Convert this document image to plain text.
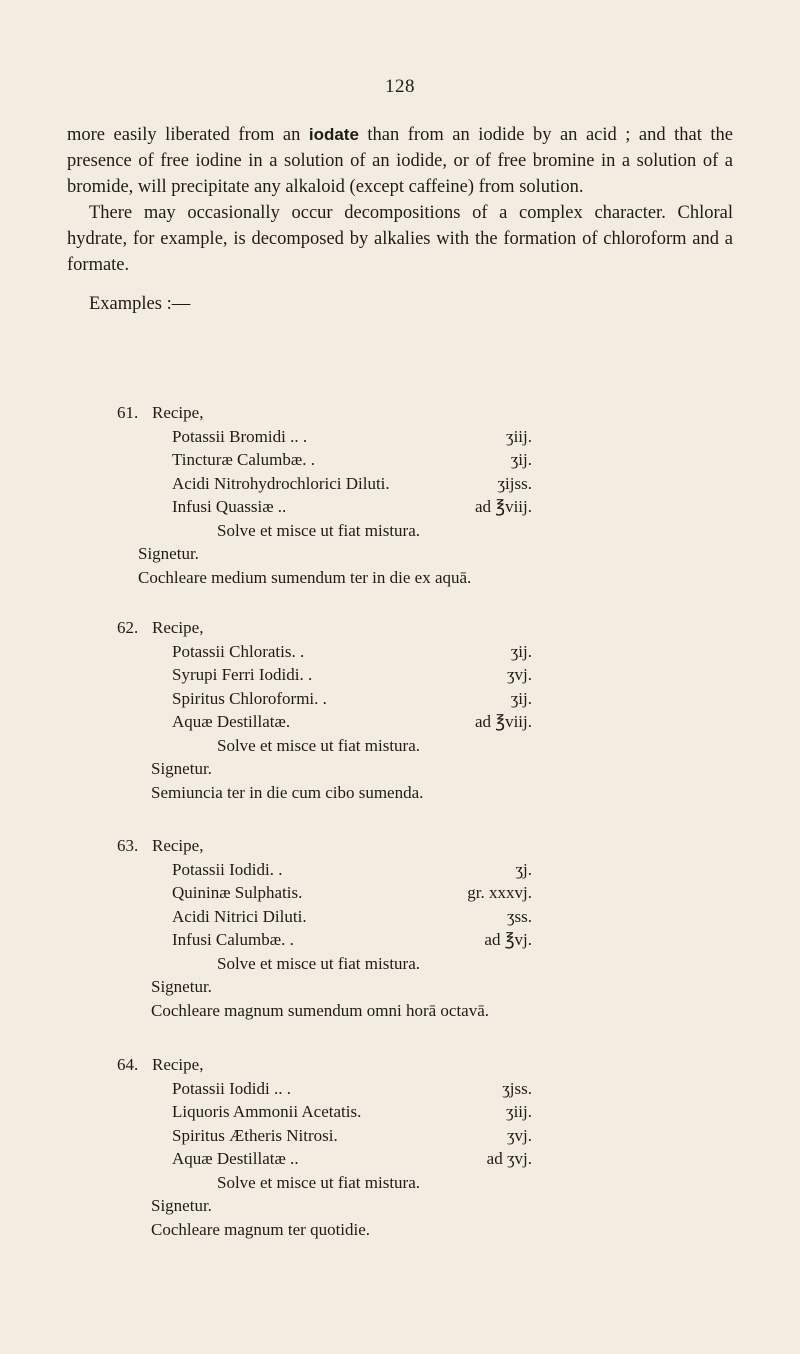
128

more easily liberated from an iodate than from an iodide by an acid ; and that the presence of free iodine in a solution of an iodide, or of free bromine in a solution of a bromide, will precipitate any alkaloid (except caffeine) from solution.

There may occasionally occur decompositions of a complex character. Chloral hydrate, for example, is decomposed by alkalies with the formation of chloroform and a formate.

Examples :—

61. Recipe,
Potassii Bromidi . . .	ʒiij.
Tincturæ Calumbæ . .	ʒij.
Acidi Nitrohydrochlorici Diluti.	ʒijss.
Infusi Quassiæ . .	ad ℥viij.
Solve et misce ut fiat mistura.
Signetur.
Cochleare medium sumendum ter in die ex aquā.
62. Recipe,
Potassii Chloratis . .	ʒij.
Syrupi Ferri Iodidi . .	ʒvj.
Spiritus Chloroformi . .	ʒij.
Aquæ Destillatæ .	ad ℥viij.
Solve et misce ut fiat mistura.
Signetur.
Semiuncia ter in die cum cibo sumenda.
63. Recipe,
Potassii Iodidi . .	ʒj.
Quininæ Sulphatis .	gr. xxxvj.
Acidi Nitrici Diluti .	ʒss.
Infusi Calumbæ . .	ad ℥vj.
Solve et misce ut fiat mistura.
Signetur.
Cochleare magnum sumendum omni horā octavā.
64. Recipe,
Potassii Iodidi . . .	ʒjss.
Liquoris Ammonii Acetatis .	ʒiij.
Spiritus Ætheris Nitrosi .	ʒvj.
Aquæ Destillatæ . .	ad ʒvj.
Solve et misce ut fiat mistura.
Signetur.
Cochleare magnum ter quotidie.
